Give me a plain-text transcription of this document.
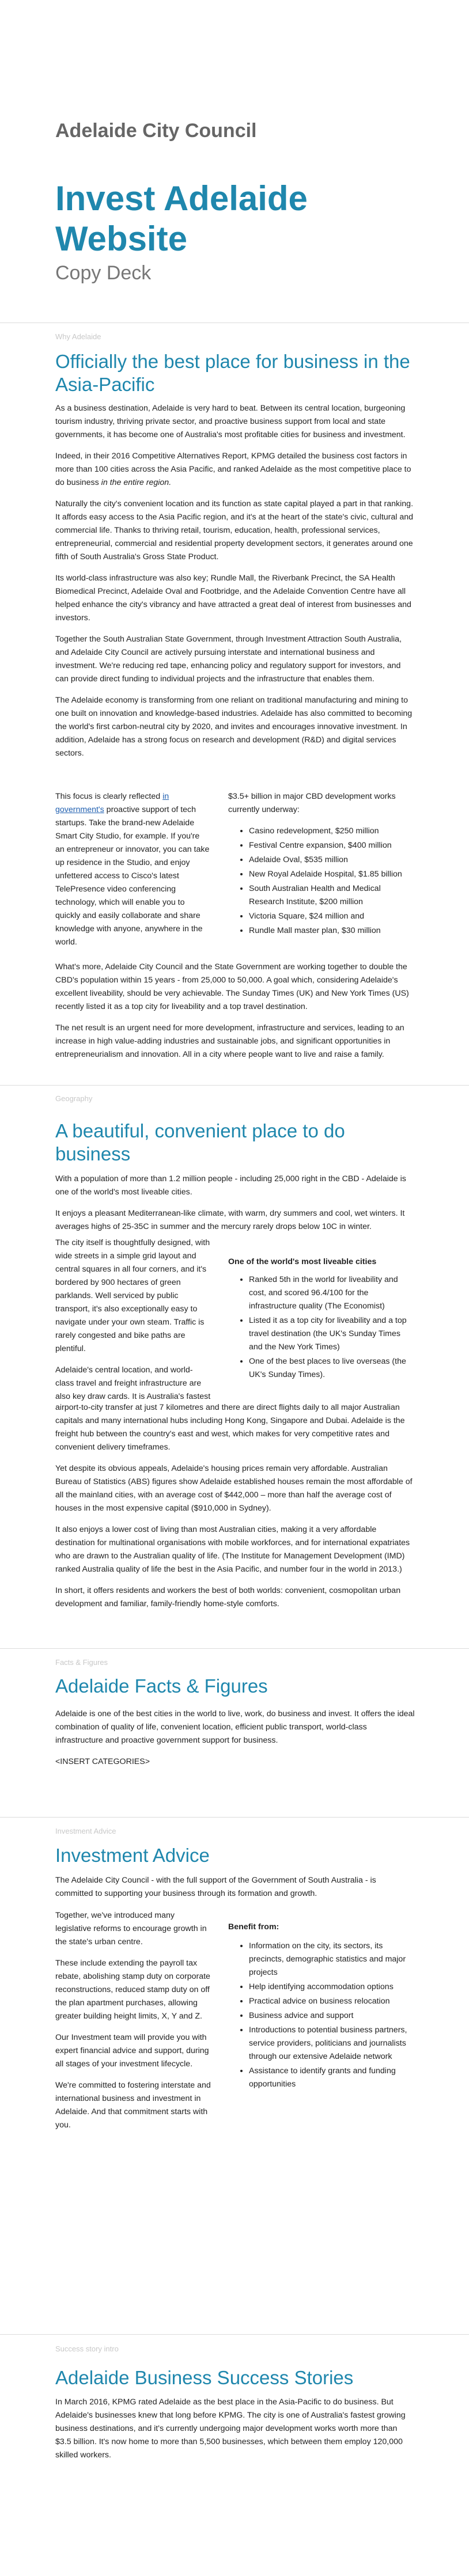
Adelaide City Council
Invest Adelaide Website
Copy Deck
Why Adelaide
Officially the best place for business in the Asia-Pacific

As a business destination, Adelaide is very hard to beat. Between its central location, burgeoning tourism industry, thriving private sector, and proactive business support from local and state governments, it has become one of Australia's most profitable cities for business and investment.

Indeed, in their 2016 Competitive Alternatives Report, KPMG detailed the business cost factors in more than 100 cities across the Asia Pacific, and ranked Adelaide as the most competitive place to do business in the entire region.

Naturally the city's convenient location and its function as state capital played a part in that ranking. It affords easy access to the Asia Pacific region, and it's at the heart of the state's civic, cultural and commercial life. Thanks to thriving retail, tourism, education, health, professional services, entrepreneurial, commercial and residential property development sectors, it generates around one fifth of South Australia's Gross State Product.

Its world-class infrastructure was also key; Rundle Mall, the Riverbank Precinct, the SA Health Biomedical Precinct, Adelaide Oval and Footbridge, and the Adelaide Convention Centre have all helped enhance the city's vibrancy and have attracted a great deal of interest from businesses and investors.

Together the South Australian State Government, through Investment Attraction South Australia, and Adelaide City Council are actively pursuing interstate and international business and investment. We're reducing red tape, enhancing policy and regulatory support for investors, and can provide direct funding to individual projects and the infrastructure that enables them.

The Adelaide economy is transforming from one reliant on traditional manufacturing and mining to one built on innovation and knowledge-based industries. Adelaide has also committed to becoming the world's first carbon-neutral city by 2020, and invites and encourages innovative investment. In addition, Adelaide has a strong focus on research and development (R&D) and digital services sectors.

This focus is clearly reflected in government's proactive support of tech startups. Take the brand-new Adelaide Smart City Studio, for example. If you're an entrepreneur or innovator, you can take up residence in the Studio, and enjoy unfettered access to Cisco's latest TelePresence video conferencing technology, which will enable you to quickly and easily collaborate and share knowledge with anyone, anywhere in the world.

$3.5+ billion in major CBD development works currently underway:
• Casino redevelopment, $250 million
• Festival Centre expansion, $400 million
• Adelaide Oval, $535 million
• New Royal Adelaide Hospital, $1.85 billion
• South Australian Health and Medical Research Institute, $200 million
• Victoria Square, $24 million and
• Rundle Mall master plan, $30 million

What's more, Adelaide City Council and the State Government are working together to double the CBD's population within 15 years - from 25,000 to 50,000. A goal which, considering Adelaide's excellent liveability, should be very achievable. The Sunday Times (UK) and New York Times (US) recently listed it as a top city for liveability and a top travel destination.

The net result is an urgent need for more development, infrastructure and services, leading to an increase in high value-adding industries and sustainable jobs, and significant opportunities in entrepreneurialism and innovation. All in a city where people want to live and raise a family.

Geography
A beautiful, convenient place to do business

With a population of more than 1.2 million people - including 25,000 right in the CBD - Adelaide is one of the world's most liveable cities.

It enjoys a pleasant Mediterranean-like climate, with warm, dry summers and cool, wet winters. It averages highs of 25-35C in summer and the mercury rarely drops below 10C in winter.

The city itself is thoughtfully designed, with wide streets in a simple grid layout and central squares in all four corners, and it's bordered by 900 hectares of green parklands. Well serviced by public transport, it's also exceptionally easy to navigate under your own steam. Traffic is rarely congested and bike paths are plentiful.

Adelaide's central location, and world-class travel and freight infrastructure are also key draw cards. It is Australia's fastest

One of the world's most liveable cities
• Ranked 5th in the world for liveability and cost, and scored 96.4/100 for the infrastructure quality (The Economist)
• Listed it as a top city for liveability and a top travel destination (the UK's Sunday Times and the New York Times)
• One of the best places to live overseas (the UK's Sunday Times).

airport-to-city transfer at just 7 kilometres and there are direct flights daily to all major Australian capitals and many international hubs including Hong Kong, Singapore and Dubai. Adelaide is the freight hub between the country's east and west, which makes for very competitive rates and convenient delivery timeframes.

Yet despite its obvious appeals, Adelaide's housing prices remain very affordable. Australian Bureau of Statistics (ABS) figures show Adelaide established houses remain the most affordable of all the mainland cities, with an average cost of $442,000 – more than half the average cost of houses in the most expensive capital ($910,000 in Sydney).

It also enjoys a lower cost of living than most Australian cities, making it a very affordable destination for multinational organisations with mobile workforces, and for international expatriates who are drawn to the Australian quality of life. (The Institute for Management Development (IMD) ranked Australia quality of life the best in the Asia Pacific, and number four in the world in 2013.)

In short, it offers residents and workers the best of both worlds: convenient, cosmopolitan urban development and familiar, family-friendly home-style comforts.

Facts & Figures
Adelaide Facts & Figures

Adelaide is one of the best cities in the world to live, work, do business and invest. It offers the ideal combination of quality of life, convenient location, efficient public transport, world-class infrastructure and proactive government support for business.

<INSERT CATEGORIES>

Investment Advice
Investment Advice

The Adelaide City Council - with the full support of the Government of South Australia - is committed to supporting your business through its formation and growth.

Together, we've introduced many legislative reforms to encourage growth in the state's urban centre.

These include extending the payroll tax rebate, abolishing stamp duty on corporate reconstructions, reduced stamp duty on off the plan apartment purchases, allowing greater building height limits, X, Y and Z.

Our Investment team will provide you with expert financial advice and support, during all stages of your investment lifecycle.

We're committed to fostering interstate and international business and investment in Adelaide. And that commitment starts with you.

Benefit from:
• Information on the city, its sectors, its precincts, demographic statistics and major projects
• Help identifying accommodation options
• Practical advice on business relocation
• Business advice and support
• Introductions to potential business partners, service providers, politicians and journalists through our extensive Adelaide network
• Assistance to identify grants and funding opportunities
Success story intro
Adelaide Business Success Stories

In March 2016, KPMG rated Adelaide as the best place in the Asia-Pacific to do business. But Adelaide's businesses knew that long before KPMG. The city is one of Australia's fastest growing business destinations, and it's currently undergoing major development works worth more than $3.5 billion. It's now home to more than 5,500 businesses, which between them employ 120,000 skilled workers.
